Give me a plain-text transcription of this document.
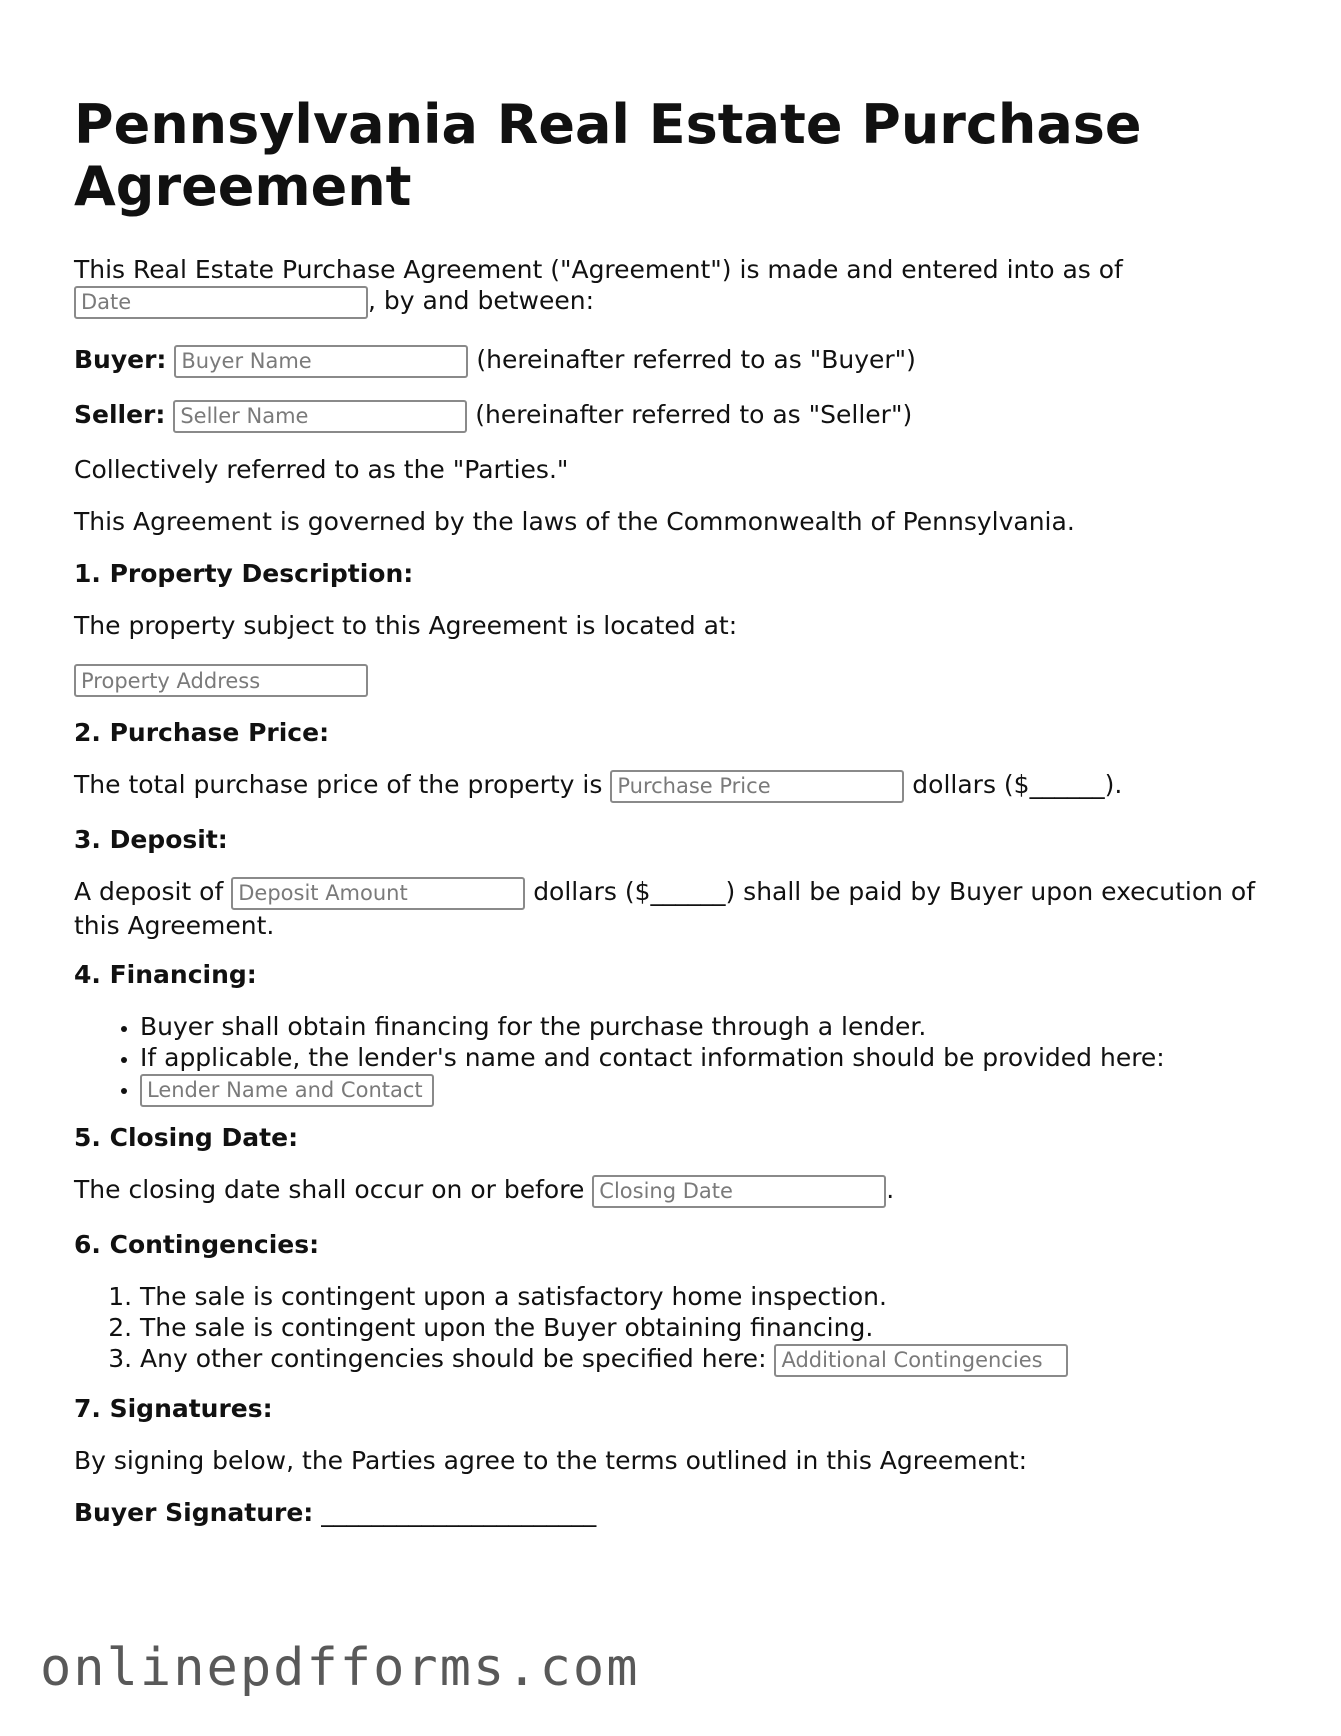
Pennsylvania Real Estate Purchase Agreement

This Real Estate Purchase Agreement ("Agreement") is made and entered into as of
Date, by and between:

Buyer: Buyer Name	(hereinafter referred to as "Buyer")

Seller: Seller Name	(hereinafter referred to as "Seller")

Collectively referred to as the "Parties."

This Agreement is governed by the laws of the Commonwealth of Pennsylvania.

1. Property Description:

The property subject to this Agreement is located at:

Property Address
2. Purchase Price:

The total purchase price of the property is Purchase Price	dollars ($______).

3. Deposit:

A deposit of Deposit Amount	dollars ($______) shall be paid by Buyer upon execution of this Agreement.

4. Financing:
• Buyer shall obtain financing for the purchase through a lender.
• If applicable, the lender's name and contact information should be provided here:
• Lender Name and Contact
5. Closing Date:

The closing date shall occur on or before Closing Date	.

6. Contingencies:
1. The sale is contingent upon a satisfactory home inspection.
2. The sale is contingent upon the Buyer obtaining financing.
3. Any other contingencies should be specified here: Additional Contingencies
7. Signatures:

By signing below, the Parties agree to the terms outlined in this Agreement:

Buyer Signature: ______________________

onlinepdfforms.com
